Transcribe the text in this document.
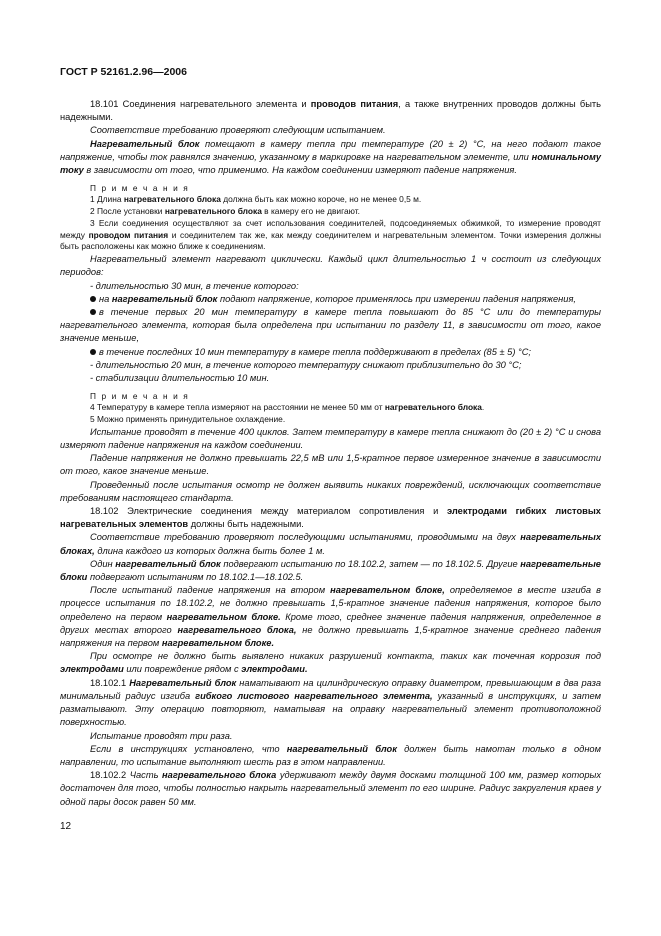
ГОСТ Р 52161.2.96—2006

18.101 Соединения нагревательного элемента и проводов питания, а также внутренних проводов должны быть надежными.

Соответствие требованию проверяют следующим испытанием.

Нагревательный блок помещают в камеру тепла при температуре (20 ± 2) °С, на него подают такое напряжение, чтобы ток равнялся значению, указанному в маркировке на нагревательном элементе, или номинальному току в зависимости от того, что применимо. На каждом соединении измеряют падение напряжения.

П р и м е ч а н и я

1 Длина нагревательного блока должна быть как можно короче, но не менее 0,5 м.

2 После установки нагревательного блока в камеру его не двигают.

3 Если соединения осуществляют за счет использования соединителей, подсоединяемых обжимкой, то измерение проводят между проводом питания и соединителем так же, как между соединителем и нагревательным элементом. Точки измерения должны быть расположены как можно ближе к соединениям.

Нагревательный элемент нагревают циклически. Каждый цикл длительностью 1 ч состоит из следующих периодов:

- длительностью 30 мин, в течение которого:

на нагревательный блок подают напряжение, которое применялось при измерении падения напряжения,

в течение первых 20 мин температуру в камере тепла повышают до 85 °С или до температуры нагревательного элемента, которая была определена при испытании по разделу 11, в зависимости от того, какое значение меньше,

в течение последних 10 мин температуру в камере тепла поддерживают в пределах (85 ± 5) °С;

- длительностью 20 мин, в течение которого температуру снижают приблизительно до 30 °С;

- стабилизации длительностью 10 мин.

П р и м е ч а н и я

4 Температуру в камере тепла измеряют на расстоянии не менее 50 мм от нагревательного блока.

5 Можно применять принудительное охлаждение.

Испытание проводят в течение 400 циклов. Затем температуру в камере тепла снижают до (20 ± 2) °С и снова измеряют падение напряжения на каждом соединении.

Падение напряжения не должно превышать 22,5 мВ или 1,5-кратное первое измеренное значение в зависимости от того, какое значение меньше.

Проведенный после испытания осмотр не должен выявить никаких повреждений, исключающих соответствие требованиям настоящего стандарта.

18.102 Электрические соединения между материалом сопротивления и электродами гибких листовых нагревательных элементов должны быть надежными.

Соответствие требованию проверяют последующими испытаниями, проводимыми на двух нагревательных блоках, длина каждого из которых должна быть более 1 м.

Один нагревательный блок подвергают испытанию по 18.102.2, затем — по 18.102.5. Другие нагревательные блоки подвергают испытаниям по 18.102.1—18.102.5.

После испытаний падение напряжения на втором нагревательном блоке, определяемое в месте изгиба в процессе испытания по 18.102.2, не должно превышать 1,5-кратное значение падения напряжения, которое было определено на первом нагревательном блоке. Кроме того, среднее значение падения напряжения, определенное в других местах второго нагревательного блока, не должно превышать 1,5-кратное значение среднего падения напряжения на первом нагревательном блоке.

При осмотре не должно быть выявлено никаких разрушений контакта, таких как точечная коррозия под электродами или повреждение рядом с электродами.

18.102.1 Нагревательный блок наматывают на цилиндрическую оправку диаметром, превышающим в два раза минимальный радиус изгиба гибкого листового нагревательного элемента, указанный в инструкциях, и затем разматывают. Эту операцию повторяют, наматывая на оправку нагревательный элемент противоположной поверхностью.

Испытание проводят три раза.

Если в инструкциях установлено, что нагревательный блок должен быть намотан только в одном направлении, то испытание выполняют шесть раз в этом направлении.

18.102.2 Часть нагревательного блока удерживают между двумя досками толщиной 100 мм, размер которых достаточен для того, чтобы полностью накрыть нагревательный элемент по его ширине. Радиус закругления краев у одной пары досок равен 50 мм.

12
